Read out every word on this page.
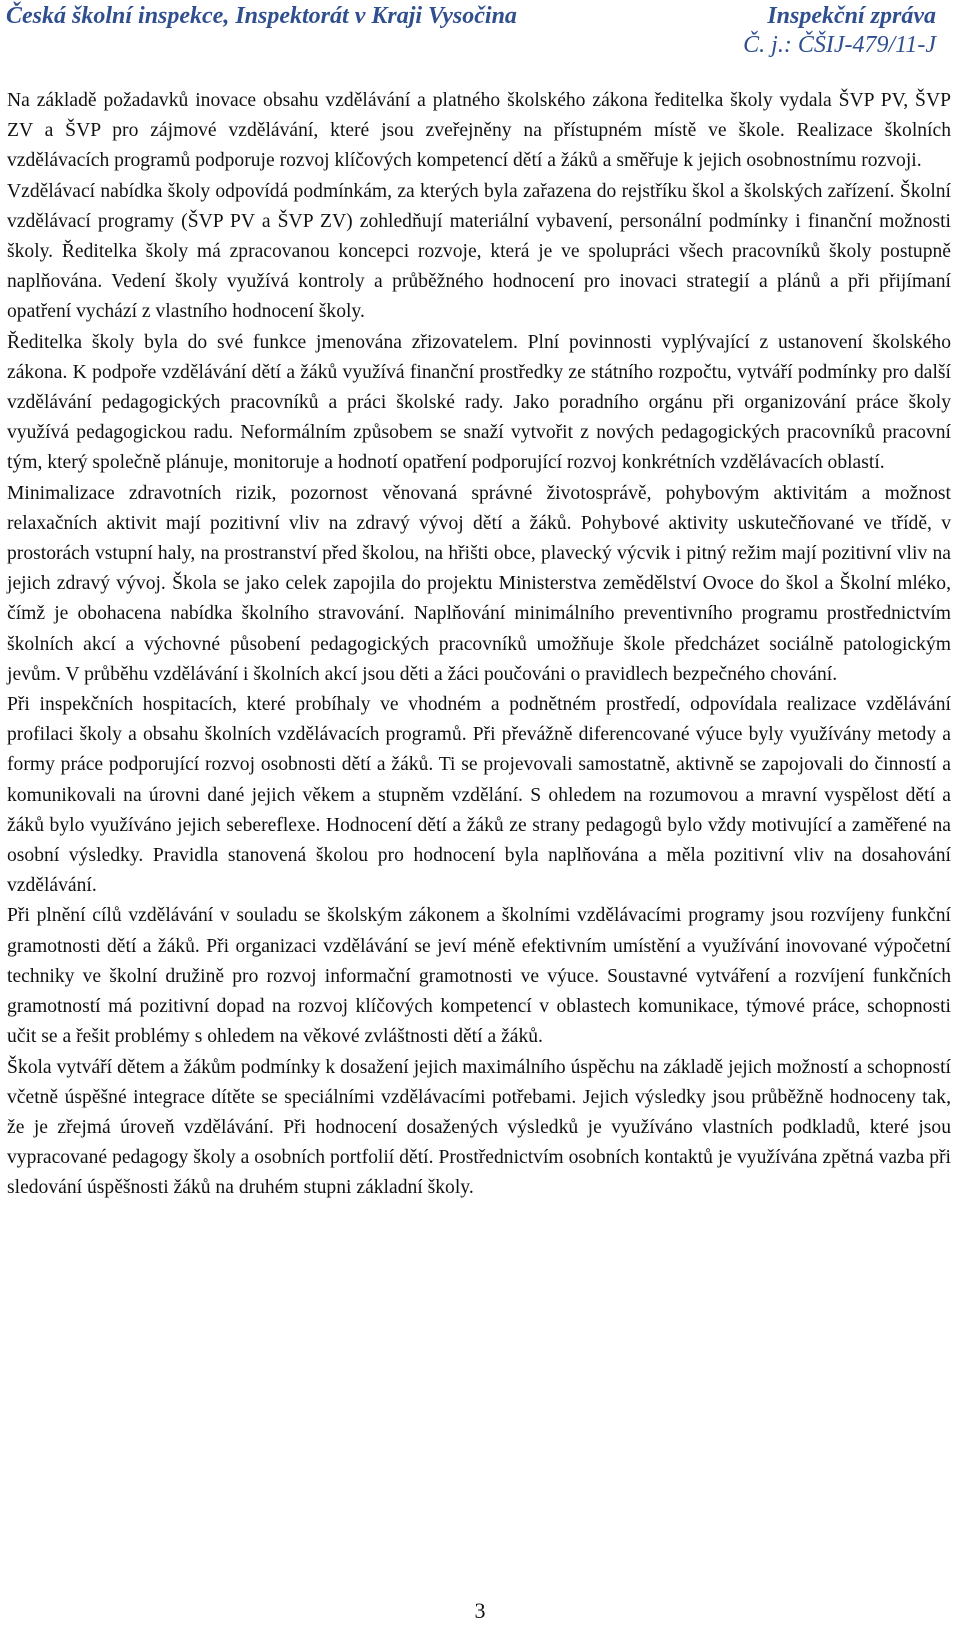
Česká školní inspekce, Inspektorát v Kraji Vysočina	Inspekční zpráva
Č. j.: ČŠIJ-479/11-J

Na základě požadavků inovace obsahu vzdělávání a platného školského zákona ředitelka školy vydala ŠVP PV, ŠVP ZV a ŠVP pro zájmové vzdělávání, které jsou zveřejněny na přístupném místě ve škole. Realizace školních vzdělávacích programů podporuje rozvoj klíčových kompetencí dětí a žáků a směřuje k jejich osobnostnímu rozvoji.

Vzdělávací nabídka školy odpovídá podmínkám, za kterých byla zařazena do rejstříku škol a školských zařízení. Školní vzdělávací programy (ŠVP PV a ŠVP ZV) zohledňují materiální vybavení, personální podmínky i finanční možnosti školy. Ředitelka školy má zpracovanou koncepci rozvoje, která je ve spolupráci všech pracovníků školy postupně naplňována. Vedení školy využívá kontroly a průběžného hodnocení pro inovaci strategií a plánů a při přijímaní opatření vychází z vlastního hodnocení školy.

Ředitelka školy byla do své funkce jmenována zřizovatelem. Plní povinnosti vyplývající z ustanovení školského zákona. K podpoře vzdělávání dětí a žáků využívá finanční prostředky ze státního rozpočtu, vytváří podmínky pro další vzdělávání pedagogických pracovníků a práci školské rady. Jako poradního orgánu při organizování práce školy využívá pedagogickou radu. Neformálním způsobem se snaží vytvořit z nových pedagogických pracovníků pracovní tým, který společně plánuje, monitoruje a hodnotí opatření podporující rozvoj konkrétních vzdělávacích oblastí.

Minimalizace zdravotních rizik, pozornost věnovaná správné životosprávě, pohybovým aktivitám a možnost relaxačních aktivit mají pozitivní vliv na zdravý vývoj dětí a žáků. Pohybové aktivity uskutečňované ve třídě, v prostorách vstupní haly, na prostranství před školou, na hřišti obce, plavecký výcvik i pitný režim mají pozitivní vliv na jejich zdravý vývoj. Škola se jako celek zapojila do projektu Ministerstva zemědělství Ovoce do škol a Školní mléko, čímž je obohacena nabídka školního stravování. Naplňování minimálního preventivního programu prostřednictvím školních akcí a výchovné působení pedagogických pracovníků umožňuje škole předcházet sociálně patologickým jevům. V průběhu vzdělávání i školních akcí jsou děti a žáci poučováni o pravidlech bezpečného chování.

Při inspekčních hospitacích, které probíhaly ve vhodném a podnětném prostředí, odpovídala realizace vzdělávání profilaci školy a obsahu školních vzdělávacích programů. Při převážně diferencované výuce byly využívány metody a formy práce podporující rozvoj osobnosti dětí a žáků. Ti se projevovali samostatně, aktivně se zapojovali do činností a komunikovali na úrovni dané jejich věkem a stupněm vzdělání. S ohledem na rozumovou a mravní vyspělost dětí a žáků bylo využíváno jejich sebereflexe. Hodnocení dětí a žáků ze strany pedagogů bylo vždy motivující a zaměřené na osobní výsledky. Pravidla stanovená školou pro hodnocení byla naplňována a měla pozitivní vliv na dosahování vzdělávání.

Při plnění cílů vzdělávání v souladu se školským zákonem a školními vzdělávacími programy jsou rozvíjeny funkční gramotnosti dětí a žáků. Při organizaci vzdělávání se jeví méně efektivním umístění a využívání inovované výpočetní techniky ve školní družině pro rozvoj informační gramotnosti ve výuce. Soustavné vytváření a rozvíjení funkčních gramotností má pozitivní dopad na rozvoj klíčových kompetencí v oblastech komunikace, týmové práce, schopnosti učit se a řešit problémy s ohledem na věkové zvláštnosti dětí a žáků.

Škola vytváří dětem a žákům podmínky k dosažení jejich maximálního úspěchu na základě jejich možností a schopností včetně úspěšné integrace dítěte se speciálními vzdělávacími potřebami. Jejich výsledky jsou průběžně hodnoceny tak, že je zřejmá úroveň vzdělávání. Při hodnocení dosažených výsledků je využíváno vlastních podkladů, které jsou vypracované pedagogy školy a osobních portfolií dětí. Prostřednictvím osobních kontaktů je využívána zpětná vazba při sledování úspěšnosti žáků na druhém stupni základní školy.

3
